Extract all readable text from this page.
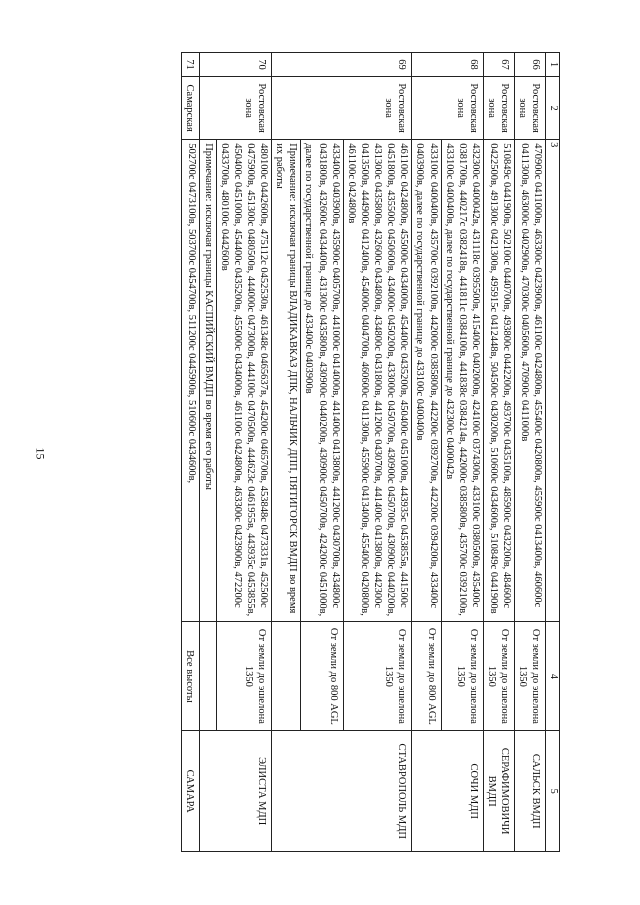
15
1	2	3	4	5
66	Ростовская зона	470900с 0411000в, 463300с 0423900в, 461100с 0424800в, 455400с 0420800в, 455900с 0413400в, 460600с 0411300в, 463000с 0402900в, 470300с 0405600в, 470900с 0411000в	От земли до эшелона 1350	САЛЬСК ВМДП
67	Ростовская зона	510849с 0441900в, 502100с 0440700в, 493800с 0442200в, 493700с 0435100в, 485900с 0432200в, 484600с 0422500в, 491300с 0421300в, 495915с 0412448в, 504500с 0430200в, 510600с 0434600в, 510849с 0441900в	От земли до эшелона 1350	СЕРАФИМОВИЧИ ВМДП
68	Ростовская зона	432300с 0400042в, 431118с 0395500в, 415400с 0402000в, 424100с 0374300в, 433100с 0380500в, 435400с 0381700в, 440217с 0382418в, 441811с 0384100в, 441838с 0384214в, 442000с 0385800в, 435700с 0392100в, 433100с 0400400в, далее по государственной границе до 432300с 0400042в	От земли до эшелона 1350	СОЧИ МДП
		433100с 0400400в, 435700с 0392100в, 442000с 0385800в, 442200с 0392700в, 442200с 0394200в, 433400с 0403900в, далее по государственной границе до 433100с 0400400в	От земли до 800 AGL	
69	Ростовская зона	461100с 0424800в, 455000с 0434000в, 454400с 0435200в, 450400с 0451000в, 443935с 0453855в, 441500с 0451800в, 435500с 0450600в, 434000с 0450200в, 433000с 0450700в, 430900с 0450700в, 430900с 0440200в, 431300с 0435800в, 432600с 0434800в, 434800с 0431800в, 441200с 0430700в, 441400с 0413800в, 442300с 0413500в, 444900с 0412400в, 454000с 0404700в, 460600с 0411300в, 455900с 0413400в, 455400с 0420800в, 461100с 0424800в	От земли до эшелона 1350	СТАВРОПОЛЬ МДП
		433400с 0403900в, 435900с 0405700в, 441000с 0414000в, 441400с 0413800в, 441200с 0430700в, 434800с 0431800в, 432600с 0434400в, 431300с 0435800в, 430900с 0440200в, 430900с 0450700в, 424200с 0451000в, далее по государственной границе до 433400с 0403900в	От земли до 800 AGL	
		Примечание: исключая границы ВЛАДИКАВКАЗ ДПК, НАЛЬЧИК ДПП, ПЯТИГОРСК ВМДП во время их работы		
70	Ростовская зона	480100с 0442600в, 475112с 0452530в, 461348с 0465637в, 454200с 0465700в, 453848с 0473331в, 452500с 0475900в, 451300с 0480500в, 444000с 0473000в, 444100с 0470500в, 444623с 0461955в, 443935с 0453855в, 450400с 0451000в, 454400с 0435200в, 455000с 0434000в, 461100с 0424800в, 463300с 0423900в, 472200с 0433700в, 480100с 0442600в	От земли до эшелона 1350	ЭЛИСТА МДП
		Примечание: исключая границы КАСПИЙСКИЙ ВМДП во время его работы		
71	Самарская	502700с 0473100в, 503700с 0454700в, 511200с 0445900в, 510600с 0434600в,	Все высоты	САМАРА
